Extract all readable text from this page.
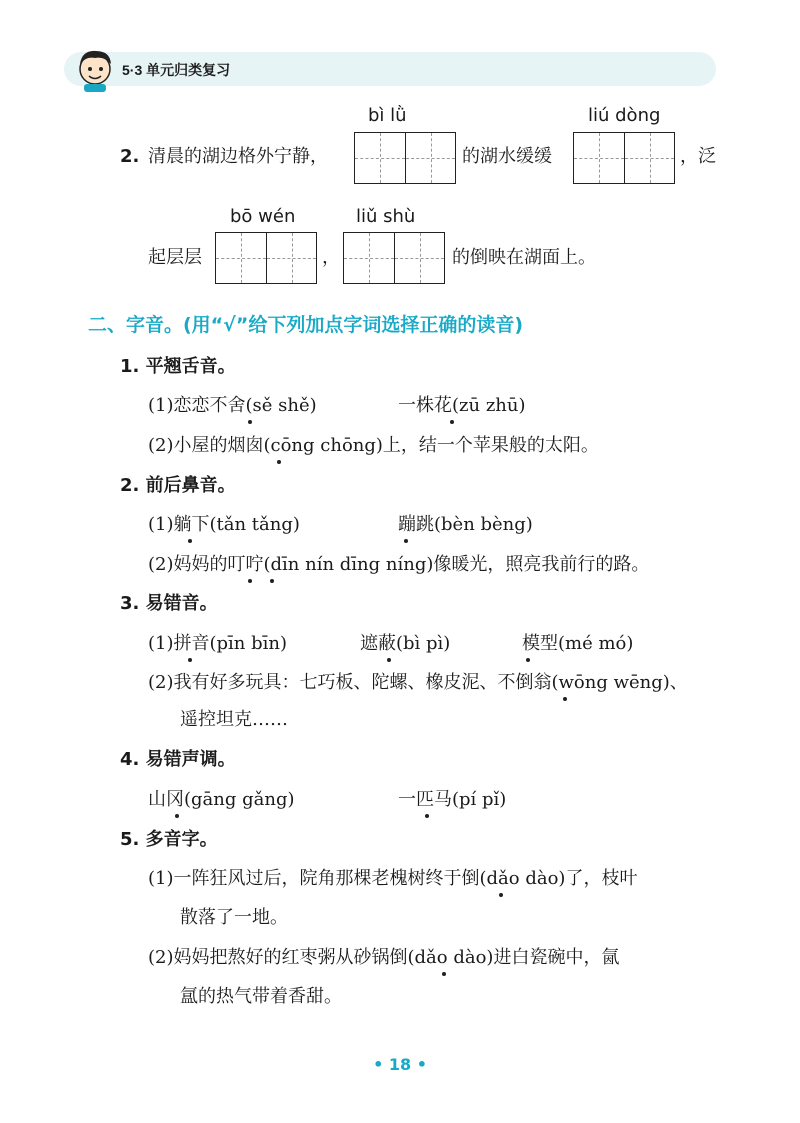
5·3 单元归类复习
bì lǜ	liú dòng
2. 清晨的湖边格外宁静，	的湖水缓缓	，泛
bō wén	liǔ shù
起层层	，	的倒映在湖面上。
二、字音。(用“√”给下列加点字词选择正确的读音)
1. 平翘舌音。
(1)恋恋不舍(sě shě)	一株花(zū zhū)
(2)小屋的烟囱(cōng chōng)上，结一个苹果般的太阳。
2. 前后鼻音。
(1)躺下(tǎn tǎng)	蹦跳(bèn bèng)
(2)妈妈的叮咛(dīn nín dīng níng)像暖光，照亮我前行的路。
3. 易错音。
(1)拼音(pīn bīn)	遮蔽(bì pì)	模型(mé mó)
(2)我有好多玩具：七巧板、陀螺、橡皮泥、不倒翁(wōng wēng)、
遥控坦克……
4. 易错声调。
山冈(gāng gǎng)	一匹马(pí pǐ)
5. 多音字。
(1)一阵狂风过后，院角那棵老槐树终于倒(dǎo dào)了，枝叶
散落了一地。
(2)妈妈把熬好的红枣粥从砂锅倒(dǎo dào)进白瓷碗中，氤
氲的热气带着香甜。
• 18 •
